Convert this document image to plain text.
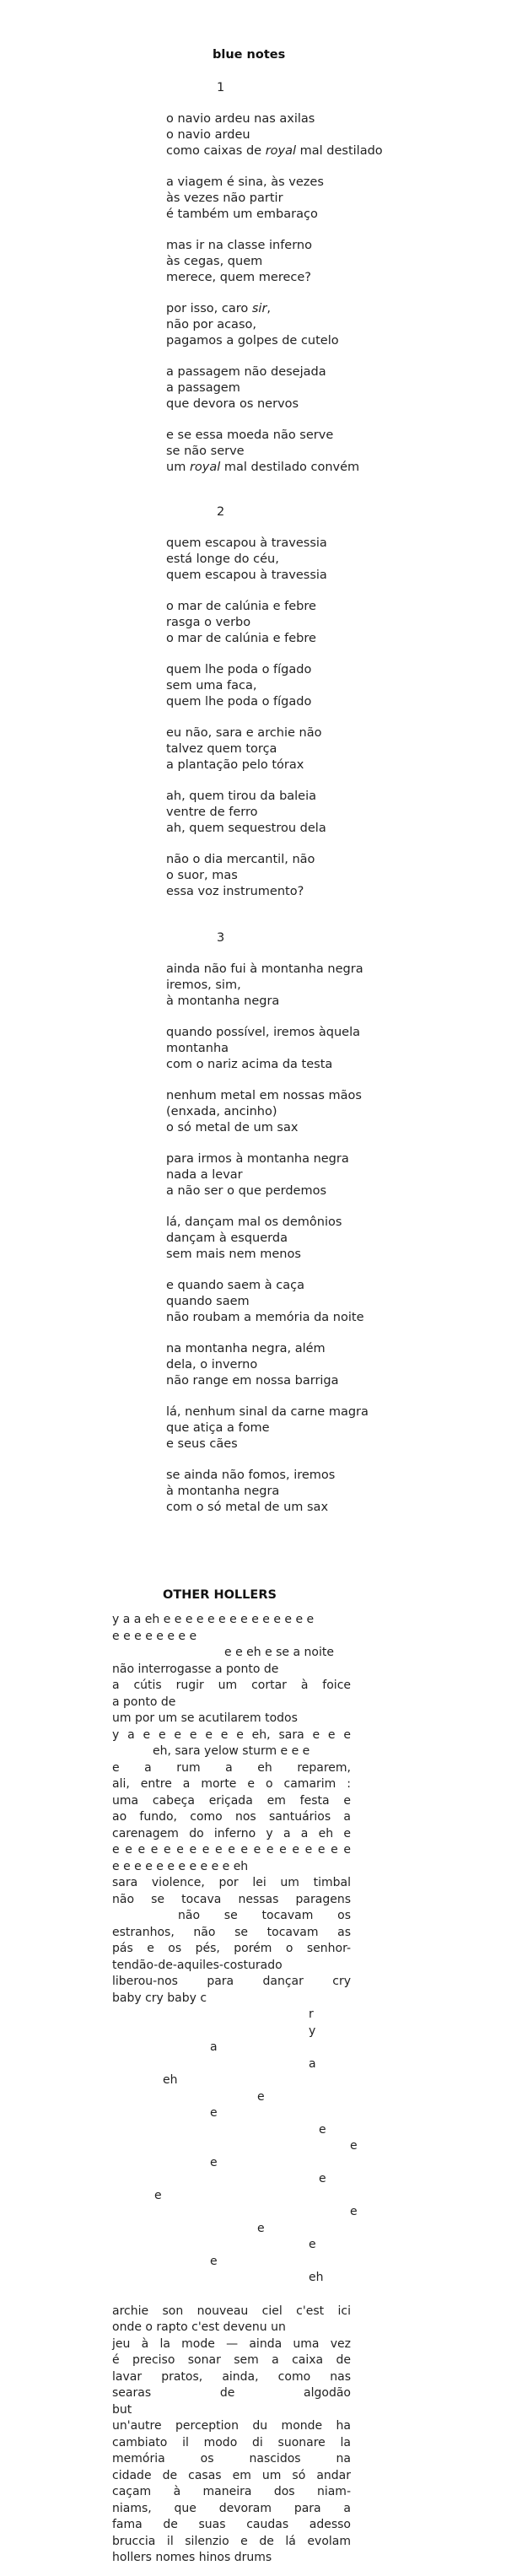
blue notes
1
o navio ardeu nas axilas
o navio ardeu
como caixas de royal mal destilado
a viagem é sina, às vezes
às vezes não partir
é também um embaraço
mas ir na classe inferno
às cegas, quem
merece, quem merece?
por isso, caro sir,
não por acaso,
pagamos a golpes de cutelo
a passagem não desejada
a passagem
que devora os nervos
e se essa moeda não serve
se não serve
um royal mal destilado convém
2
quem escapou à travessia
está longe do céu,
quem escapou à travessia
o mar de calúnia e febre
rasga o verbo
o mar de calúnia e febre
quem lhe poda o fígado
sem uma faca,
quem lhe poda o fígado
eu não, sara e archie não
talvez quem torça
a plantação pelo tórax
ah, quem tirou da baleia
ventre de ferro
ah, quem sequestrou dela
não o dia mercantil, não
o suor, mas
essa voz instrumento?
3
ainda não fui à montanha negra
iremos, sim,
à montanha negra
quando possível, iremos àquela
montanha
com o nariz acima da testa
nenhum metal em nossas mãos
(enxada, ancinho)
o só metal de um sax
para irmos à montanha negra
nada a levar
a não ser o que perdemos
lá, dançam mal os demônios
dançam à esquerda
sem mais nem menos
e quando saem à caça
quando saem
não roubam a memória da noite
na montanha negra, além
dela, o inverno
não range em nossa barriga
lá, nenhum sinal da carne magra
que atiça a fome
e seus cães
se ainda não fomos, iremos
à montanha negra
com o só metal de um sax
OTHER HOLLERS
y a a eh e e e e e e e e e e e e e e
e e e e e e e e
e e eh e se a noite
não interrogasse a ponto de
a cútis rugir um cortar à foice
a ponto de
um por um se acutilarem todos
y a e e e e e e e eh, sara e e e
eh, sara yelow sturm e e e
e a rum a eh reparem,
ali, entre a morte e o camarim :
uma cabeça eriçada em festa e
ao fundo, como nos santuários a
carenagem do inferno y a a eh e
e e e e e e e e e e e e e e e e e e e
e e e e e e e e e e e eh
sara violence, por lei um timbal
não se tocava nessas paragens
não se tocavam os
estranhos, não se tocavam as
pás e os pés, porém o senhor-
tendão-de-aquiles-costurado
liberou-nos para dançar cry
baby cry baby c
r
y
a
a
eh
e
e
e
e
e
e
e
e
e
e
e
eh
archie son nouveau ciel c'est ici
onde o rapto c'est devenu un
jeu à la mode — ainda uma vez
é preciso sonar sem a caixa de
lavar pratos, ainda, como nas
searas de algodão
but
un'autre perception du monde ha
cambiato il modo di suonare la
memória os nascidos na
cidade de casas em um só andar
caçam à maneira dos niam-
niams, que devoram para a
fama de suas caudas adesso
bruccia il silenzio e de lá evolam
hollers nomes hinos drums
